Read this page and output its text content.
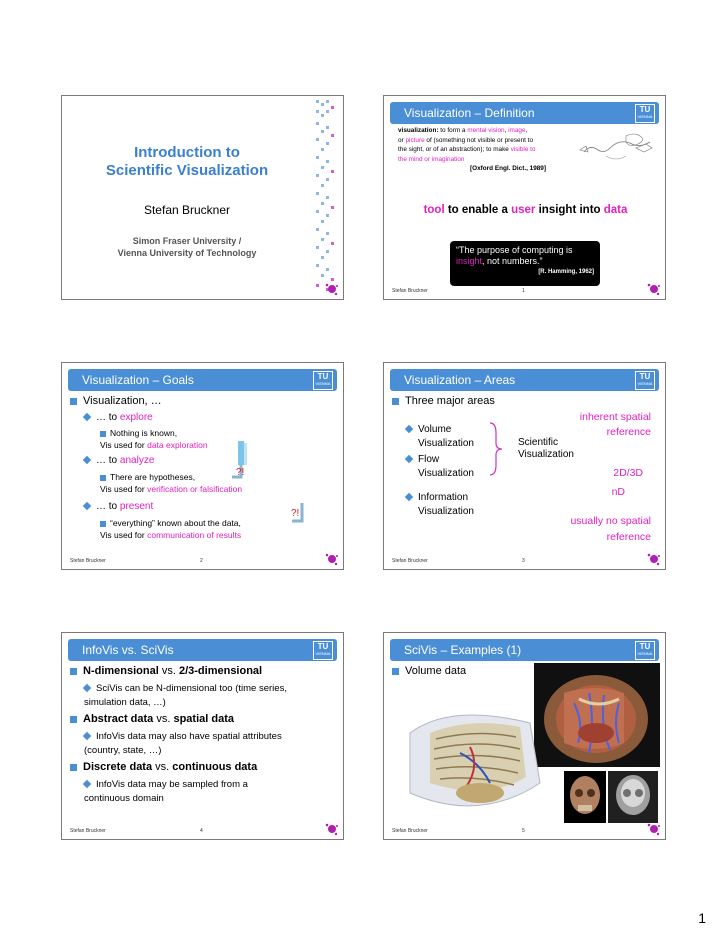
Introduction to
Scientific Visualization
Stefan Bruckner
Simon Fraser University /
Vienna University of Technology
Visualization – Definition	TU
VIENNA
visualization: to form a mental vision, image,
or picture of (something not visible or present to
the sight, or of an abstraction); to make visible to
the mind or imagination

[Oxford Engl. Dict., 1989]
tool to enable a user insight into data
“The purpose of computing is
insight, not numbers.”
[R. Hamming, 1962]
Stefan Bruckner	1
Visualization – Goals	TU
VIENNA
Visualization, …
… to explore
Nothing is known,
Vis used for data exploration
… to analyze
There are hypotheses,
Vis used for verification or falsification
… to present
“everything” known about the data,
Vis used for communication of results
?!
?!
Stefan Bruckner	2
Visualization – Areas	TU
VIENNA
Three major areas
Volume
Visualization
Flow
Visualization
Information
Visualization
Scientific
Visualization
inherent spatial
reference
2D/3D
nD
usually no spatial
reference
Stefan Bruckner	3
InfoVis vs. SciVis	TU
VIENNA
N-dimensional vs. 2/3-dimensional
SciVis can be N-dimensional too (time series,
simulation data, …)
Abstract data vs. spatial data
InfoVis data may also have spatial attributes
(country, state, …)
Discrete data vs. continuous data
InfoVis data may be sampled from a
continuous domain
Stefan Bruckner	4
SciVis – Examples (1)	TU
VIENNA
Volume data
Stefan Bruckner	5
1
